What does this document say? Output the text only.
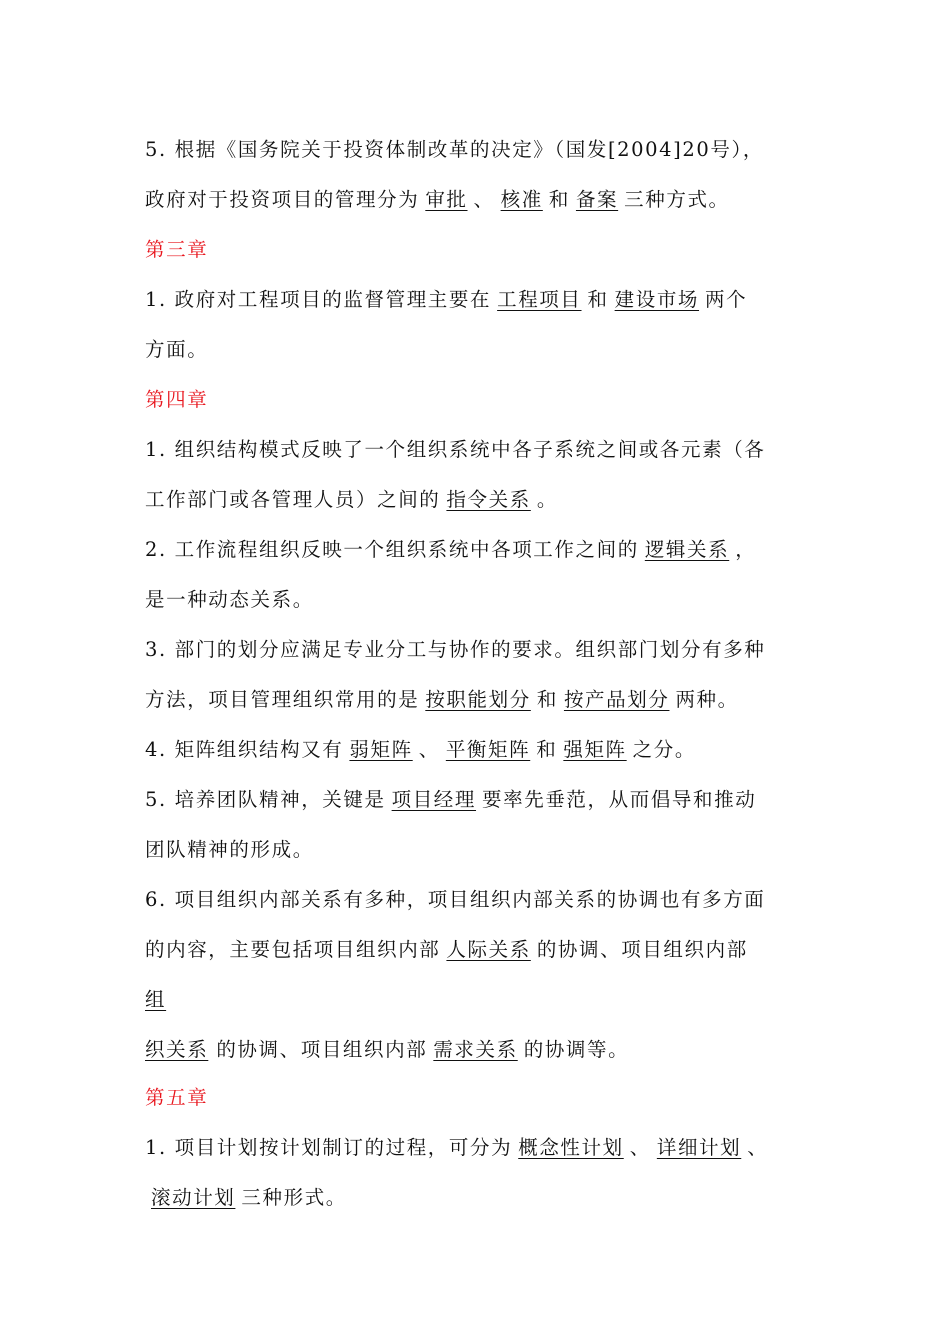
5. 根据《国务院关于投资体制改革的决定》（国发[2004]20号），
政府对于投资项目的管理分为 审批 、 核准 和 备案 三种方式。
第三章
1. 政府对工程项目的监督管理主要在 工程项目 和 建设市场 两个
方面。
第四章
1. 组织结构模式反映了一个组织系统中各子系统之间或各元素（各
工作部门或各管理人员）之间的 指令关系 。
2. 工作流程组织反映一个组织系统中各项工作之间的 逻辑关系 ，
是一种动态关系。
3. 部门的划分应满足专业分工与协作的要求。组织部门划分有多种
方法，项目管理组织常用的是 按职能划分 和 按产品划分 两种。
4. 矩阵组织结构又有 弱矩阵 、 平衡矩阵 和 强矩阵 之分。
5. 培养团队精神，关键是 项目经理 要率先垂范，从而倡导和推动
团队精神的形成。
6. 项目组织内部关系有多种，项目组织内部关系的协调也有多方面
的内容，主要包括项目组织内部 人际关系 的协调、项目组织内部
组
织关系 的协调、项目组织内部 需求关系 的协调等。
第五章
1. 项目计划按计划制订的过程，可分为 概念性计划 、 详细计划 、
滚动计划 三种形式。
